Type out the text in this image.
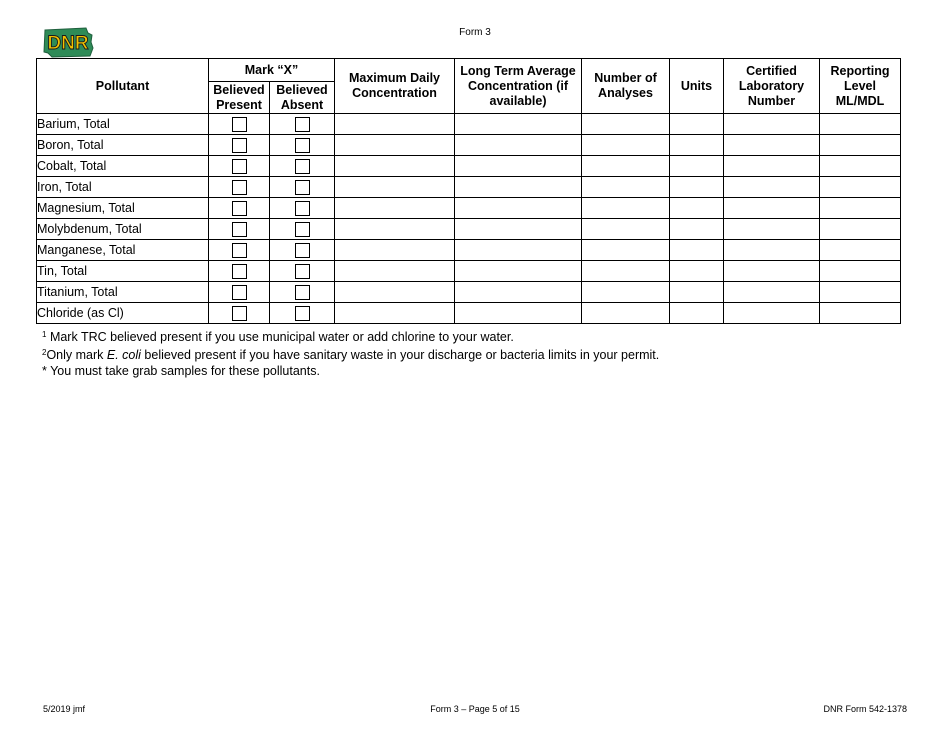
DNR
Form 3
Pollutant	Mark “X”		Maximum Daily Concentration	Long Term Average Concentration (if available)	Number of Analyses	Units	Certified Laboratory Number	Reporting Level ML/MDL
	Believed Present	Believed Absent						
Barium, Total								
Boron, Total								
Cobalt, Total								
Iron, Total								
Magnesium, Total								
Molybdenum, Total								
Manganese, Total								
Tin, Total								
Titanium, Total								
Chloride (as Cl)								
$^1$ Mark TRC believed present if you use municipal water or add chlorine to your water.
$^2$Only mark E. coli believed present if you have sanitary waste in your discharge or bacteria limits in your permit.
* You must take grab samples for these pollutants.
5/2019 jmf	Form 3 – Page 5 of 15	DNR Form 542-1378
